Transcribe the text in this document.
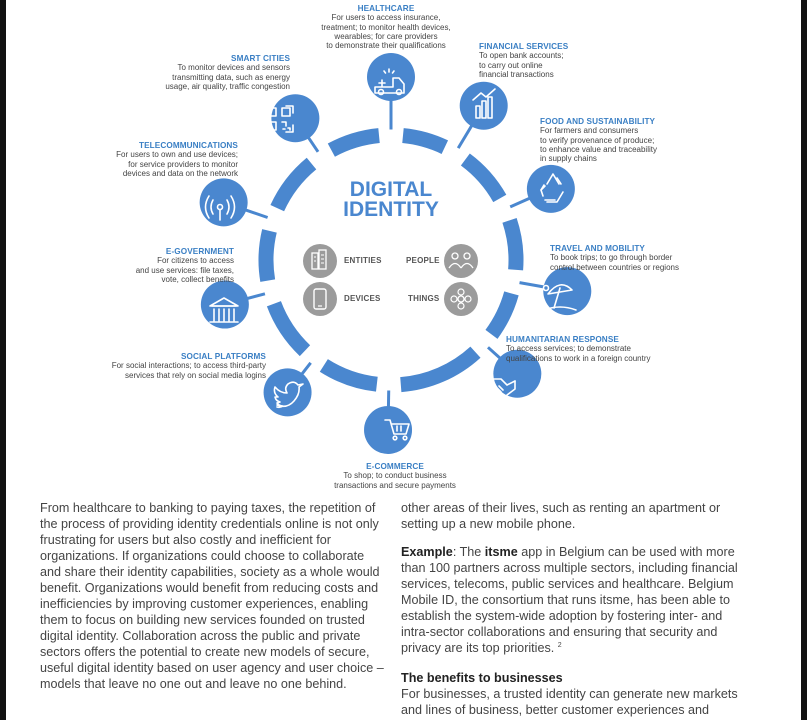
DIGITAL
IDENTITY
ENTITIES	PEOPLE
DEVICES	THINGS
HEALTHCARE
For users to access insurance,
treatment; to monitor health devices,
wearables; for care providers
to demonstrate their qualifications	FINANCIAL SERVICES
To open bank accounts;
to carry out online
financial transactions
FOOD AND SUSTAINABILITY
For farmers and consumers
to verify provenance of produce;
to enhance value and traceability
in supply chains
TRAVEL AND MOBILITY
To book trips; to go through border
control between countries or regions
HUMANITARIAN RESPONSE
To access services; to demonstrate
qualifications to work in a foreign country
E-COMMERCE
To shop; to conduct business
transactions and secure payments
SOCIAL PLATFORMS
For social interactions; to access third-party
services that rely on social media logins
E-GOVERNMENT
For citizens to access
and use services: file taxes,
vote, collect benefits
TELECOMMUNICATIONS
For users to own and use devices;
for service providers to monitor
devices and data on the network
SMART CITIES
To monitor devices and sensors
transmitting data, such as energy
usage, air quality, traffic congestion

From healthcare to banking to paying taxes, the repetition of the process of providing identity credentials online is not only frustrating for users but also costly and inefficient for organizations. If organizations could choose to collaborate and share their identity capabilities, society as a whole would benefit. Organizations would benefit from reducing costs and inefficiencies by improving customer experiences, enabling them to focus on building new services founded on trusted digital identity. Collaboration across the public and private sectors offers the potential to create new models of secure, useful digital identity based on user agency and user choice – models that leave no one out and leave no one behind.

other areas of their lives, such as renting an apartment or setting up a new mobile phone.

Example: The itsme app in Belgium can be used with more than 100 partners across multiple sectors, including financial services, telecoms, public services and healthcare. Belgium Mobile ID, the consortium that runs itsme, has been able to establish the system-wide adoption by fostering inter- and intra-sector collaborations and ensuring that security and privacy are its top priorities. $^2$

The benefits to businesses
For businesses, a trusted identity can generate new markets and lines of business, better customer experiences and
